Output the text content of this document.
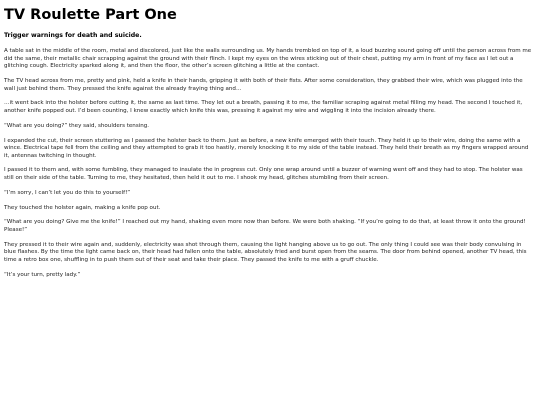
TV Roulette Part One

Trigger warnings for death and suicide.

A table sat in the middle of the room, metal and discolored, just like the walls surrounding us. My hands trembled on top of it, a loud buzzing sound going off until the person across from me did the same, their metallic chair scrapping against the ground with their flinch. I kept my eyes on the wires sticking out of their chest, putting my arm in front of my face as I let out a glitching cough. Electricity sparked along it, and then the floor, the other’s screen glitching a little at the contact.

The TV head across from me, pretty and pink, held a knife in their hands, gripping it with both of their fists. After some consideration, they grabbed their wire, which was plugged into the wall just behind them. They pressed the knife against the already fraying thing and…

…it went back into the holster before cutting it, the same as last time. They let out a breath, passing it to me, the familiar scraping against metal filling my head. The second I touched it, another knife popped out. I’d been counting, I knew exactly which knife this was, pressing it against my wire and wiggling it into the incision already there.

“What are you doing?” they said, shoulders tensing.

I expanded the cut, their screen stuttering as I passed the holster back to them. Just as before, a new knife emerged with their touch. They held it up to their wire, doing the same with a wince. Electrical tape fell from the ceiling and they attempted to grab it too hastily, merely knocking it to my side of the table instead. They held their breath as my fingers wrapped around it, antennas twitching in thought.

I passed it to them and, with some fumbling, they managed to insulate the in progress cut. Only one wrap around until a buzzer of warning went off and they had to stop. The holster was still on their side of the table. Turning to me, they hesitated, then held it out to me. I shook my head, glitches stumbling from their screen.

“I’m sorry, I can’t let you do this to yourself!”

They touched the holster again, making a knife pop out.

“What are you doing? Give me the knife!” I reached out my hand, shaking even more now than before. We were both shaking. “If you’re going to do that, at least throw it onto the ground! Please!”

They pressed it to their wire again and, suddenly, electricity was shot through them, causing the light hanging above us to go out. The only thing I could see was their body convulsing in blue flashes. By the time the light came back on, their head had fallen onto the table, absolutely fried and burst open from the seams. The door from behind opened, another TV head, this time a retro box one, shuffling in to push them out of their seat and take their place. They passed the knife to me with a gruff chuckle.

“It’s your turn, pretty lady.”
